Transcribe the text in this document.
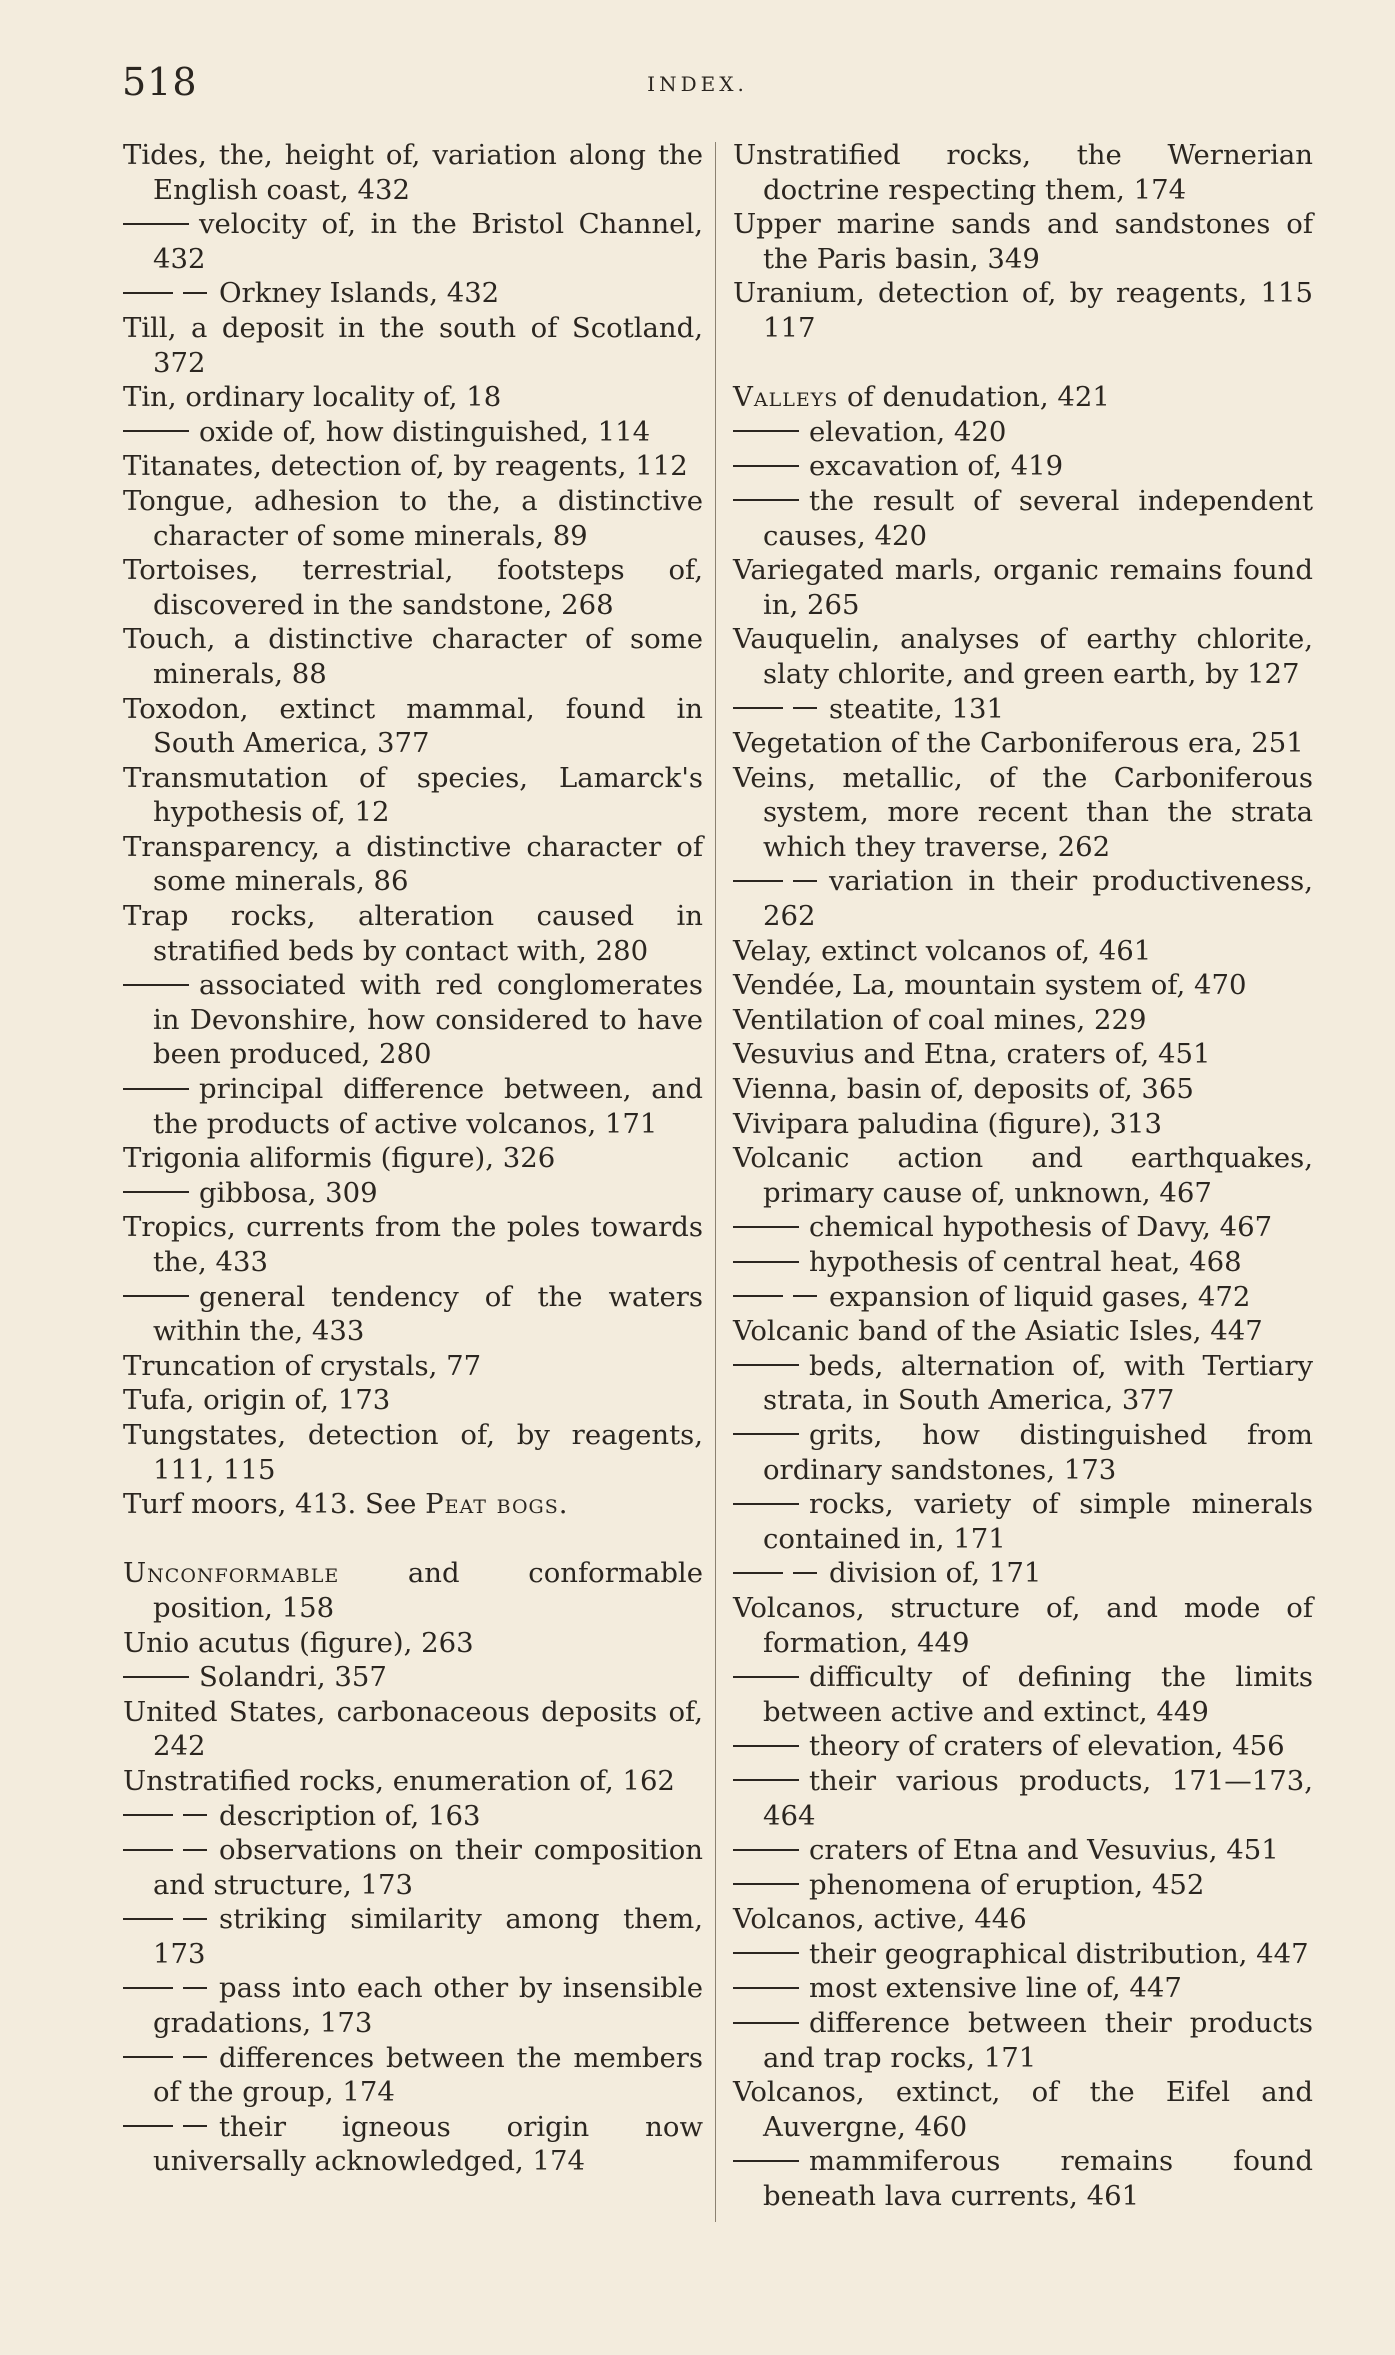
518	INDEX.
Tides, the, height of, variation along the English coast, 432
velocity of, in the Bristol Channel, 432
Orkney Islands, 432
Till, a deposit in the south of Scotland, 372
Tin, ordinary locality of, 18
oxide of, how distinguished, 114
Titanates, detection of, by reagents, 112
Tongue, adhesion to the, a distinctive character of some minerals, 89
Tortoises, terrestrial, footsteps of, discovered in the sandstone, 268
Touch, a distinctive character of some minerals, 88
Toxodon, extinct mammal, found in South America, 377
Transmutation of species, Lamarck's hypothesis of, 12
Transparency, a distinctive character of some minerals, 86
Trap rocks, alteration caused in stratified beds by contact with, 280
associated with red conglomerates in Devonshire, how considered to have been produced, 280
principal difference between, and the products of active volcanos, 171
Trigonia aliformis (figure), 326
gibbosa, 309
Tropics, currents from the poles towards the, 433
general tendency of the waters within the, 433
Truncation of crystals, 77
Tufa, origin of, 173
Tungstates, detection of, by reagents, 111, 115
Turf moors, 413. See Peat bogs.
Unconformable and conformable position, 158
Unio acutus (figure), 263
Solandri, 357
United States, carbonaceous deposits of, 242
Unstratified rocks, enumeration of, 162
description of, 163
observations on their composition and structure, 173
striking similarity among them, 173
pass into each other by insensible gradations, 173
differences between the members of the group, 174
their igneous origin now universally acknowledged, 174
Unstratified rocks, the Wernerian doctrine respecting them, 174
Upper marine sands and sandstones of the Paris basin, 349
Uranium, detection of, by reagents, 115 117
Valleys of denudation, 421
elevation, 420
excavation of, 419
the result of several independent causes, 420
Variegated marls, organic remains found in, 265
Vauquelin, analyses of earthy chlorite, slaty chlorite, and green earth, by 127
steatite, 131
Vegetation of the Carboniferous era, 251
Veins, metallic, of the Carboniferous system, more recent than the strata which they traverse, 262
variation in their productiveness, 262
Velay, extinct volcanos of, 461
Vendée, La, mountain system of, 470
Ventilation of coal mines, 229
Vesuvius and Etna, craters of, 451
Vienna, basin of, deposits of, 365
Vivipara paludina (figure), 313
Volcanic action and earthquakes, primary cause of, unknown, 467
chemical hypothesis of Davy, 467
hypothesis of central heat, 468
expansion of liquid gases, 472
Volcanic band of the Asiatic Isles, 447
beds, alternation of, with Tertiary strata, in South America, 377
grits, how distinguished from ordinary sandstones, 173
rocks, variety of simple minerals contained in, 171
division of, 171
Volcanos, structure of, and mode of formation, 449
difficulty of defining the limits between active and extinct, 449
theory of craters of elevation, 456
their various products, 171—173, 464
craters of Etna and Vesuvius, 451
phenomena of eruption, 452
Volcanos, active, 446
their geographical distribution, 447
most extensive line of, 447
difference between their products and trap rocks, 171
Volcanos, extinct, of the Eifel and Auvergne, 460
mammiferous remains found beneath lava currents, 461
